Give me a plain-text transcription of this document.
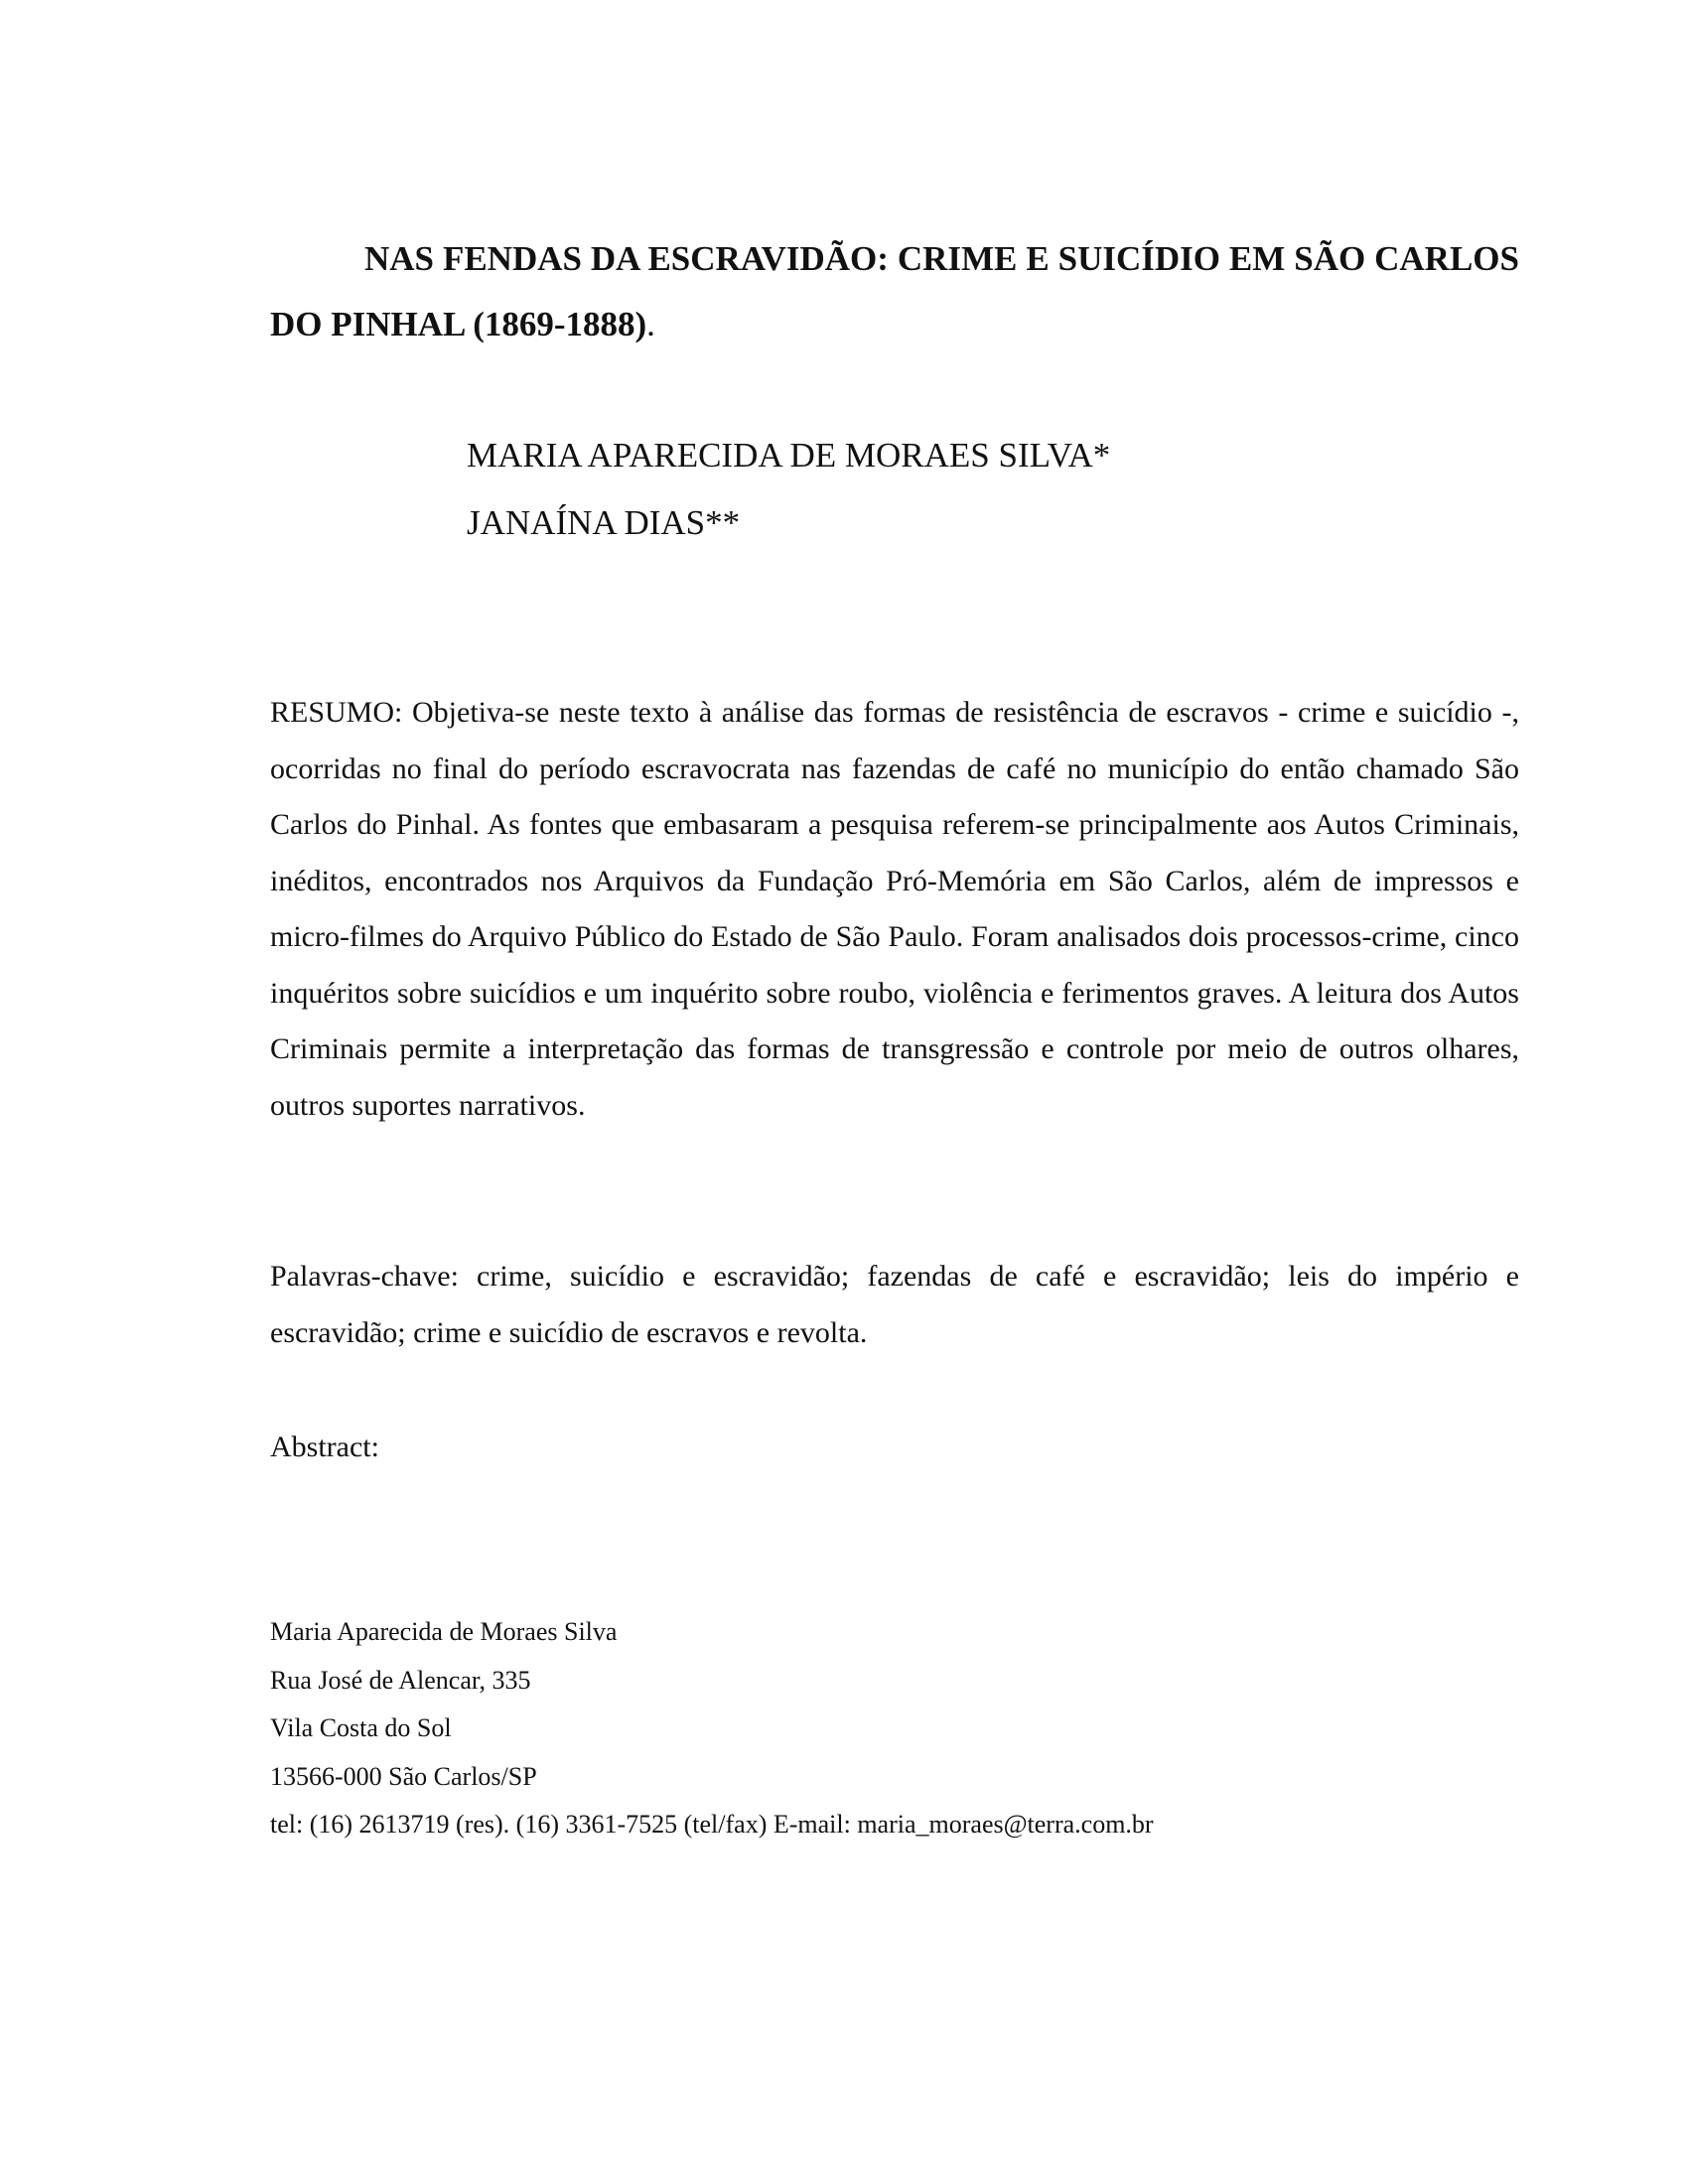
NAS FENDAS DA ESCRAVIDÃO: CRIME E SUICÍDIO EM SÃO CARLOS DO PINHAL (1869-1888).

MARIA APARECIDA DE MORAES SILVA*
JANAÍNA DIAS**

RESUMO: Objetiva-se neste texto à análise das formas de resistência de escravos - crime e suicídio -, ocorridas no final do período escravocrata nas fazendas de café no município do então chamado São Carlos do Pinhal. As fontes que embasaram a pesquisa referem-se principalmente aos Autos Criminais, inéditos, encontrados nos Arquivos da Fundação Pró-Memória em São Carlos, além de impressos e micro-filmes do Arquivo Público do Estado de São Paulo. Foram analisados dois processos-crime, cinco inquéritos sobre suicídios e um inquérito sobre roubo, violência e ferimentos graves. A leitura dos Autos Criminais permite a interpretação das formas de transgressão e controle por meio de outros olhares, outros suportes narrativos.

Palavras-chave: crime, suicídio e escravidão; fazendas de café e escravidão; leis do império e escravidão; crime e suicídio de escravos e revolta.

Abstract:

Maria Aparecida de Moraes Silva
Rua José de Alencar, 335
Vila Costa do Sol
13566-000 São Carlos/SP
tel: (16) 2613719 (res). (16) 3361-7525 (tel/fax) E-mail: maria_moraes@terra.com.br
